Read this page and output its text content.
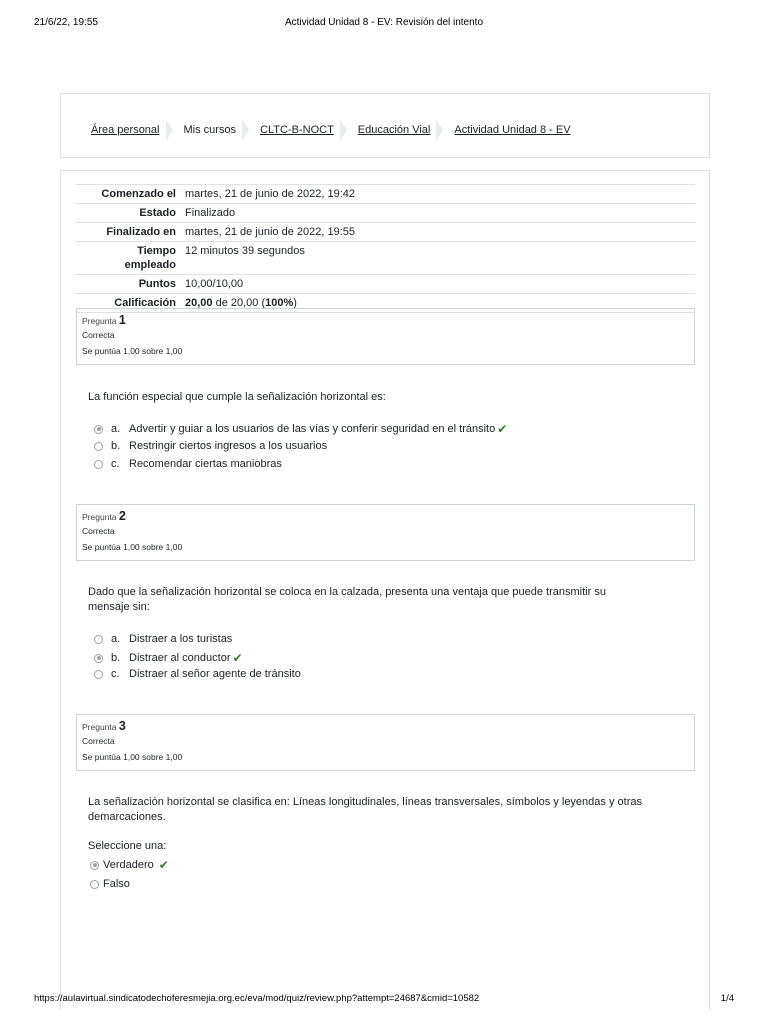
21/6/22, 19:55	Actividad Unidad 8 - EV: Revisión del intento
Área personal Mis cursos CLTC-B-NOCT Educación Vial Actividad Unidad 8 - EV
Comenzado el	martes, 21 de junio de 2022, 19:42
Estado	Finalizado
Finalizado en	martes, 21 de junio de 2022, 19:55
Tiempo
empleado	12 minutos 39 segundos
Puntos	10,00/10,00
Calificación	20,00 de 20,00 (100%)
Pregunta 1
Correcta
Se puntúa 1,00 sobre 1,00
La función especial que cumple la señalización horizontal es:
a. Advertir y guiar a los usuarios de las vías y conferir seguridad en el tránsito ✔
b. Restringir ciertos ingresos a los usuarios
c. Recomendar ciertas maniobras
Pregunta 2
Correcta
Se puntúa 1,00 sobre 1,00
Dado que la señalización horizontal se coloca en la calzada, presenta una ventaja que puede transmitir su
mensaje sin:
a. Distraer a los turistas
b. Distraer al conductor ✔
c. Distraer al señor agente de tránsito
Pregunta 3
Correcta
Se puntúa 1,00 sobre 1,00
La señalización horizontal se clasifica en: Líneas longitudinales, líneas transversales, símbolos y leyendas y otras
demarcaciones.
Seleccione una:
Verdadero ✔
Falso
https://aulavirtual.sindicatodechoferesmejia.org.ec/eva/mod/quiz/review.php?attempt=24687&cmid=10582	1/4
